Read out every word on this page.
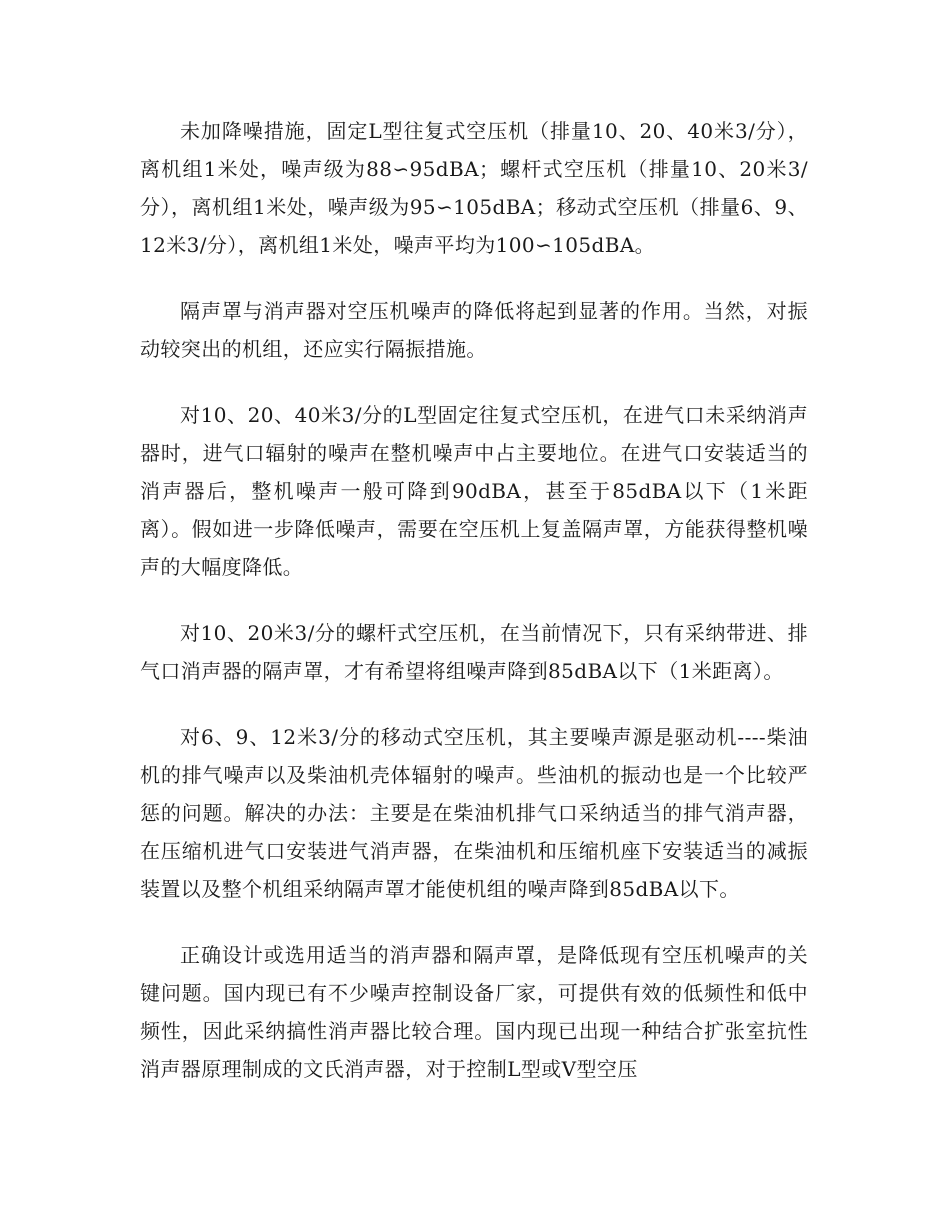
未加降噪措施，固定L型往复式空压机（排量10、20、40米3/分），离机组1米处，噪声级为88∽95dBA；螺杆式空压机（排量10、20米3/分），离机组1米处，噪声级为95∽105dBA；移动式空压机（排量6、9、12米3/分），离机组1米处，噪声平均为100∽105dBA。

隔声罩与消声器对空压机噪声的降低将起到显著的作用。当然，对振动较突出的机组，还应实行隔振措施。

对10、20、40米3/分的L型固定往复式空压机，在进气口未采纳消声器时，进气口辐射的噪声在整机噪声中占主要地位。在进气口安装适当的消声器后，整机噪声一般可降到90dBA，甚至于85dBA以下（1米距离）。假如进一步降低噪声，需要在空压机上复盖隔声罩，方能获得整机噪声的大幅度降低。

对10、20米3/分的螺杆式空压机，在当前情况下，只有采纳带进、排气口消声器的隔声罩，才有希望将组噪声降到85dBA以下（1米距离）。

对6、9、12米3/分的移动式空压机，其主要噪声源是驱动机----柴油机的排气噪声以及柴油机壳体辐射的噪声。些油机的振动也是一个比较严惩的问题。解决的办法：主要是在柴油机排气口采纳适当的排气消声器，在压缩机进气口安装进气消声器，在柴油机和压缩机座下安装适当的减振装置以及整个机组采纳隔声罩才能使机组的噪声降到85dBA以下。

正确设计或选用适当的消声器和隔声罩，是降低现有空压机噪声的关键问题。国内现已有不少噪声控制设备厂家，可提供有效的低频性和低中频性，因此采纳搞性消声器比较合理。国内现已出现一种结合扩张室抗性消声器原理制成的文氏消声器，对于控制L型或V型空压
